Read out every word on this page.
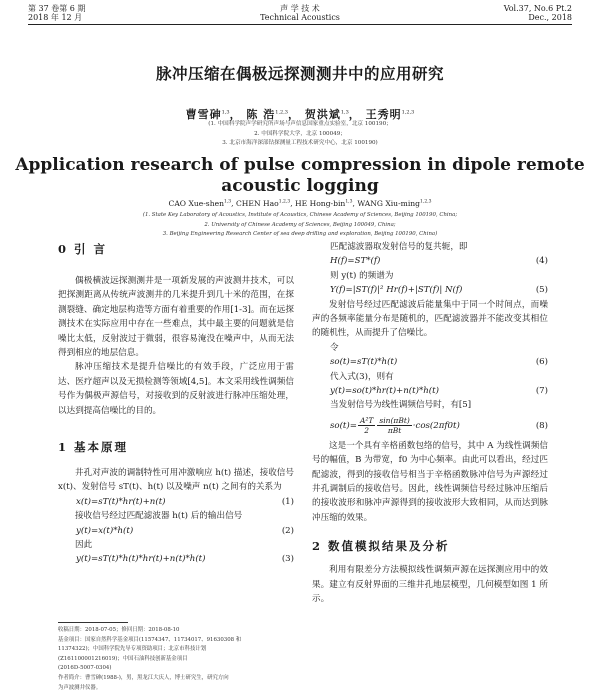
第 37 卷第 6 期
2018 年 12 月
声 学 技 术
Technical Acoustics
Vol.37, No.6 Pt.2
Dec., 2018
脉冲压缩在偶极远探测测井中的应用研究
曹雪砷$^{1,3}$， 陈 浩$^{1,2,3}$， 贺洪斌$^{1,3}$， 王秀明$^{1,2,3}$
(1. 中国科学院声学研究所声场与声信息国家重点实验室，北京 100190；
2. 中国科学院大学，北京 100049；
3. 北京市海洋深部钻探测量工程技术研究中心，北京 100190)
Application research of pulse compression in dipole remote
acoustic logging
CAO Xue-shen$^{1,3}$, CHEN Hao$^{1,2,3}$, HE Hong-bin$^{1,3}$, WANG Xiu-ming$^{1,2,3}$
(1. State Key Laboratory of Acoustics, Institute of Acoustics, Chinese Academy of Sciences, Beijing 100190, China;
2. University of Chinese Academy of Sciences, Beijing 100049, China;
3. Beijing Engineering Research Center of sea deep drilling and exploration, Beijing 100190, China)
0 引 言
偶极横波远探测测井是一项新发展的声波测井技术，可以把探测距离从传统声波测井的几米提升到几十米的范围，在探测裂缝、确定地层构造等方面有着重要的作用[1-3]。而在远探测技术在实际应用中存在一些难点，其中最主要的问题就是信噪比太低，反射波过于微弱，很容易淹没在噪声中，从而无法得到相应的地层信息。
脉冲压缩技术是提升信噪比的有效手段，广泛应用于雷达、医疗超声以及无损检测等领域[4,5]。本文采用线性调频信号作为偶极声源信号，对接收到的反射波进行脉冲压缩处理，以达到提高信噪比的目的。
1 基本原理
井孔对声波的调制特性可用冲激响应 h(t) 描述，接收信号 x(t)、发射信号 sT(t)、h(t) 以及噪声 n(t) 之间有的关系为
x(t)=sT(t)*hr(t)+n(t)	(1)
接收信号经过匹配滤波器 h(t) 后的输出信号
y(t)=x(t)*h(t)	(2)
因此
y(t)=sT(t)*h(t)*hr(t)+n(t)*h(t)	(3)
收稿日期：2018-07-05；修回日期：2018-08-10
基金项目：国家自然科学基金项目(11574347、11734017、91630308 和
11374322)；中国科学院先导专项资助项目；北京市科技计划
(Z161100001216019)；中国石油科技创新基金项目
(2016D-5007-0304)
作者简介：曹雪砷(1988-)，男，黑龙江大庆人，博士研究生，研究方向
为声波测井仪器。
匹配滤波器取发射信号的复共轭，即
H(f)=ST*(f)	(4)
则 y(t) 的频谱为
Y(f)=|ST(f)|² Hr(f)+|ST(f)| N(f)	(5)
发射信号经过匹配滤波后能量集中于同一个时间点，而噪声的各频率能量分布是随机的，匹配滤波器并不能改变其相位的随机性，从而提升了信噪比。
令
so(t)=sT(t)*h(t)	(6)
代入式(3)，则有
y(t)=so(t)*hr(t)+n(t)*h(t)	(7)
当发射信号为线性调频信号时，有[5]
$so(t)= \frac{\text{A²T}}{2} \frac{\text{sin(πBt)}}{\text{πBt}} \cdot\cos(2\pi f0t)$	(8)
这是一个具有辛格函数包络的信号，其中 A 为线性调频信号的幅值，B 为带宽，f0 为中心频率。由此可以看出，经过匹配滤波，得到的接收信号相当于辛格函数脉冲信号为声源经过井孔调制后的接收信号。因此，线性调频信号经过脉冲压缩后的接收波形和脉冲声源得到的接收波形大致相同，从而达到脉冲压缩的效果。
2 数值模拟结果及分析
利用有限差分方法模拟线性调频声源在远探测应用中的效果。建立有反射界面的三维井孔地层模型，几何模型如图 1 所示。
